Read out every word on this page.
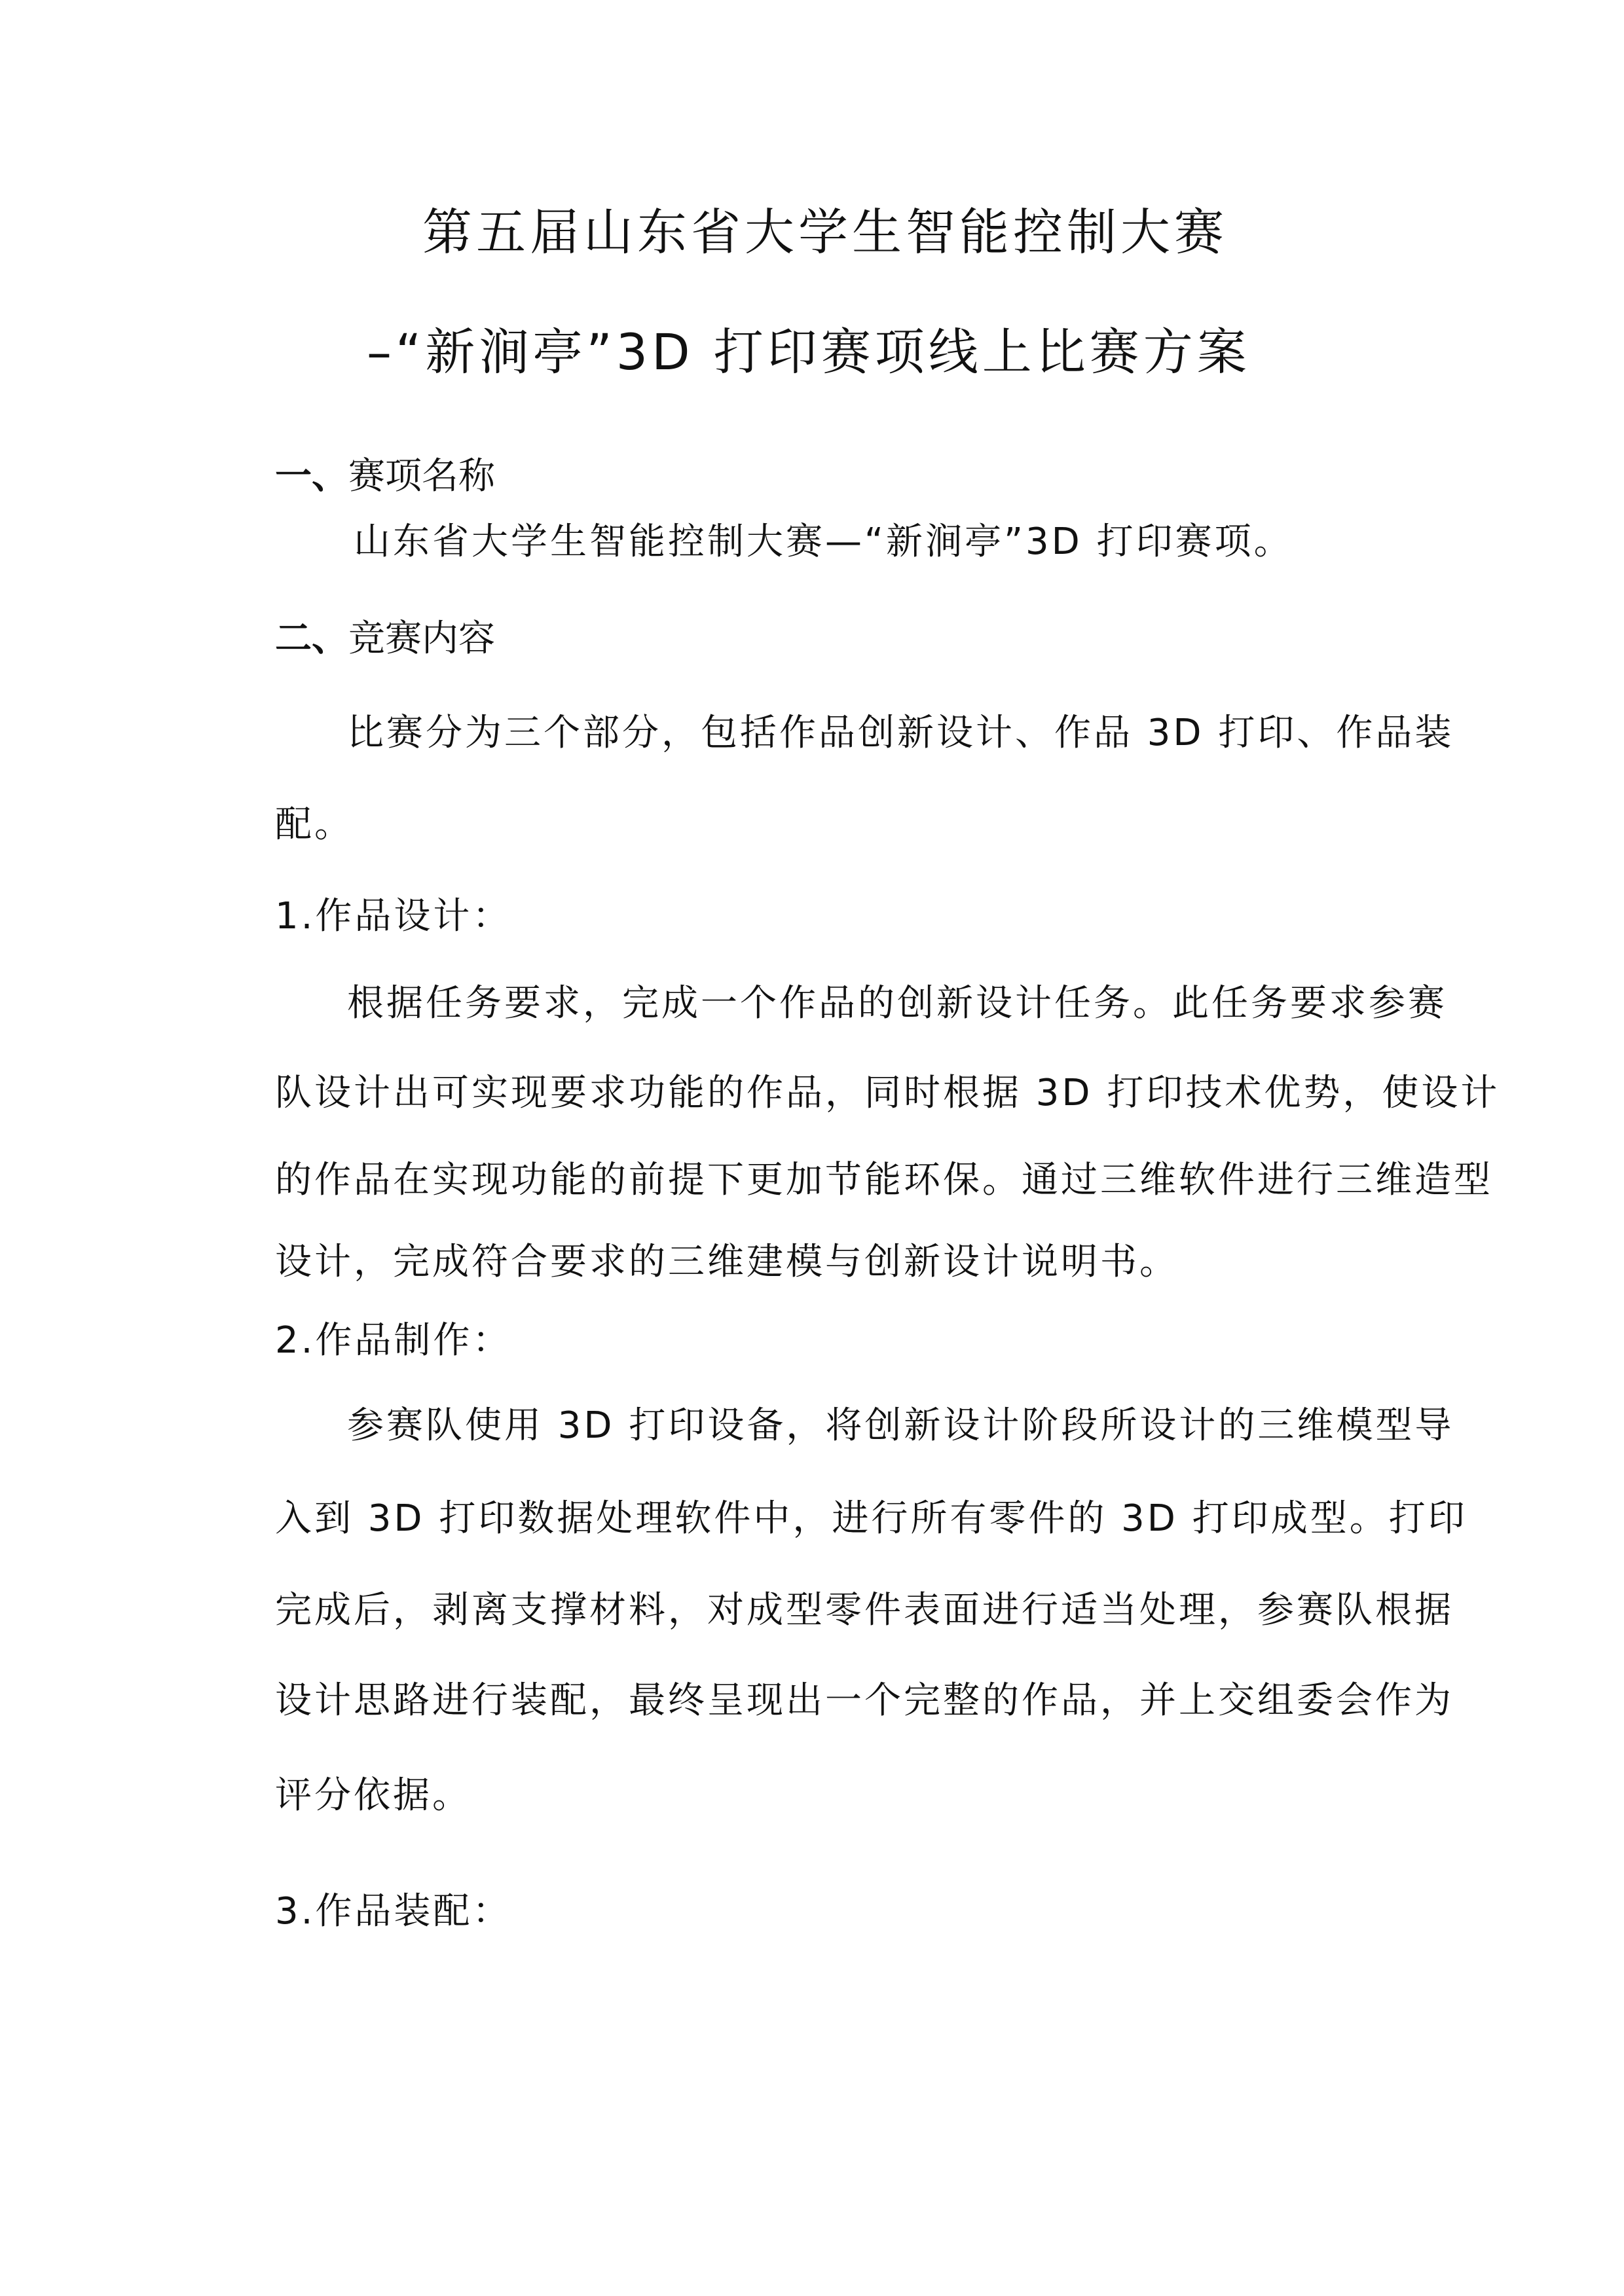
第五届山东省大学生智能控制大赛
–“新涧亭”3D 打印赛项线上比赛方案
一、赛项名称
山东省大学生智能控制大赛—“新涧亭”3D 打印赛项。
二、竞赛内容
比赛分为三个部分，包括作品创新设计、作品 3D 打印、作品装
配。
1.作品设计：
根据任务要求，完成一个作品的创新设计任务。此任务要求参赛
队设计出可实现要求功能的作品，同时根据 3D 打印技术优势，使设计
的作品在实现功能的前提下更加节能环保。通过三维软件进行三维造型
设计，完成符合要求的三维建模与创新设计说明书。
2.作品制作：
参赛队使用 3D 打印设备，将创新设计阶段所设计的三维模型导
入到 3D 打印数据处理软件中，进行所有零件的 3D 打印成型。打印
完成后，剥离支撑材料，对成型零件表面进行适当处理，参赛队根据
设计思路进行装配，最终呈现出一个完整的作品，并上交组委会作为
评分依据。
3.作品装配：
